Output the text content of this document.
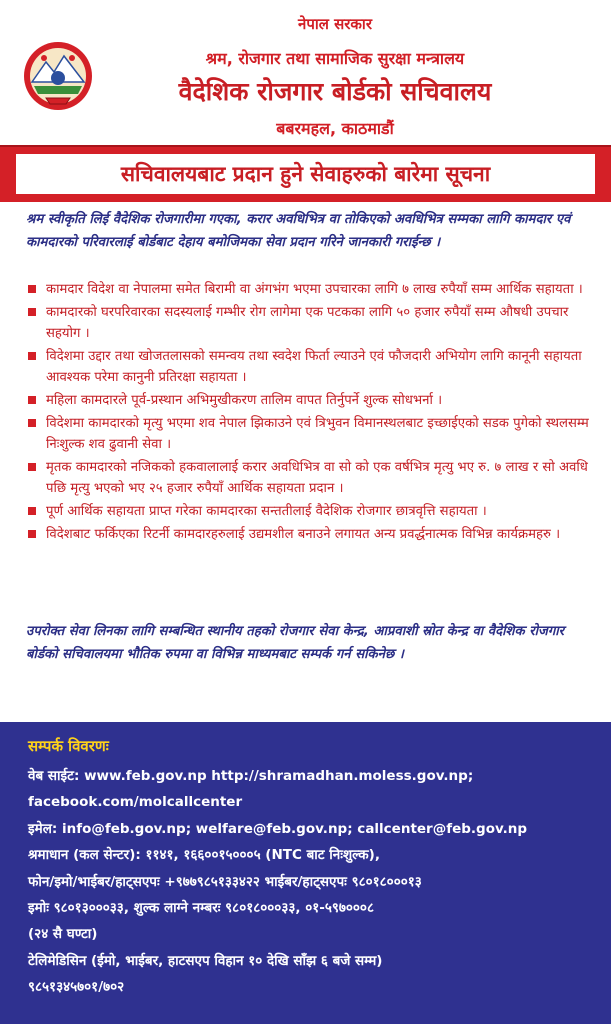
नेपाल सरकार
श्रम, रोजगार तथा सामाजिक सुरक्षा मन्त्रालय
वैदेशिक रोजगार बोर्डको सचिवालय
बबरमहल, काठमाडौं
सचिवालयबाट प्रदान हुने सेवाहरुको बारेमा सूचना
श्रम स्वीकृति लिई वैदेशिक रोजगारीमा गएका, करार अवधिभित्र वा तोकिएको अवधिभित्र सम्मका लागि कामदार एवं कामदारको परिवारलाई बोर्डबाट देहाय बमोजिमका सेवा प्रदान गरिने जानकारी गराईन्छ ।
कामदार विदेश वा नेपालमा समेत बिरामी वा अंगभंग भएमा उपचारका लागि ७ लाख रुपैयाँ सम्म आर्थिक सहायता ।
कामदारको घरपरिवारका सदस्यलाई गम्भीर रोग लागेमा एक पटकका लागि ५० हजार रुपैयाँ सम्म औषधी उपचार सहयोग ।
विदेशमा उद्दार तथा खोजतलासको समन्वय तथा स्वदेश फिर्ता ल्याउने एवं फौजदारी अभियोग लागि कानूनी सहायता आवश्यक परेमा कानुनी प्रतिरक्षा सहायता ।
महिला कामदारले पूर्व-प्रस्थान अभिमुखीकरण तालिम वापत तिर्नुपर्ने शुल्क सोधभर्ना ।
विदेशमा कामदारको मृत्यु भएमा शव नेपाल झिकाउने एवं त्रिभुवन विमानस्थलबाट इच्छाईएको सडक पुगेको स्थलसम्म निःशुल्क शव ढुवानी सेवा ।
मृतक कामदारको नजिकको हकवालालाई करार अवधिभित्र वा सो को एक वर्षभित्र मृत्यु भए रु. ७ लाख र सो अवधि पछि मृत्यु भएको भए २५ हजार रुपैयाँ आर्थिक सहायता प्रदान ।
पूर्ण आर्थिक सहायता प्राप्त गरेका कामदारका सन्ततीलाई वैदेशिक रोजगार छात्रवृत्ति सहायता ।
विदेशबाट फर्किएका रिटर्नी कामदारहरुलाई उद्यमशील बनाउने लगायत अन्य प्रवर्द्धनात्मक विभिन्न कार्यक्रमहरु ।
उपरोक्त सेवा लिनका लागि सम्बन्धित स्थानीय तहको रोजगार सेवा केन्द्र, आप्रवाशी स्रोत केन्द्र वा वैदेशिक रोजगार बोर्डको सचिवालयमा भौतिक रुपमा वा विभिन्न माध्यमबाट सम्पर्क गर्न सकिनेछ ।
सम्पर्क विवरणः
वेब साईट: www.feb.gov.np http://shramadhan.moless.gov.np;
facebook.com/molcallcenter
इमेल: info@feb.gov.np; welfare@feb.gov.np; callcenter@feb.gov.np
श्रमाधान (कल सेन्टर): ११४१, १६६००१५०००५ (NTC बाट निःशुल्क),
फोन/इमो/भाईबर/हाट्सएपः +९७७९८५१३३४२२ भाईबर/हाट्सएपः ९८०१८०००१३
इमोः ९८०१३०००३३, शुल्क लाग्ने नम्बरः ९८०१८०००३३, ०१-५९७०००८
(२४ सै घण्टा)
टेलिमेडिसिन (ईमो, भाईबर, हाटसएप विहान १० देखि साँझ ६ बजे सम्म)
९८५१३४५७०१/७०२
